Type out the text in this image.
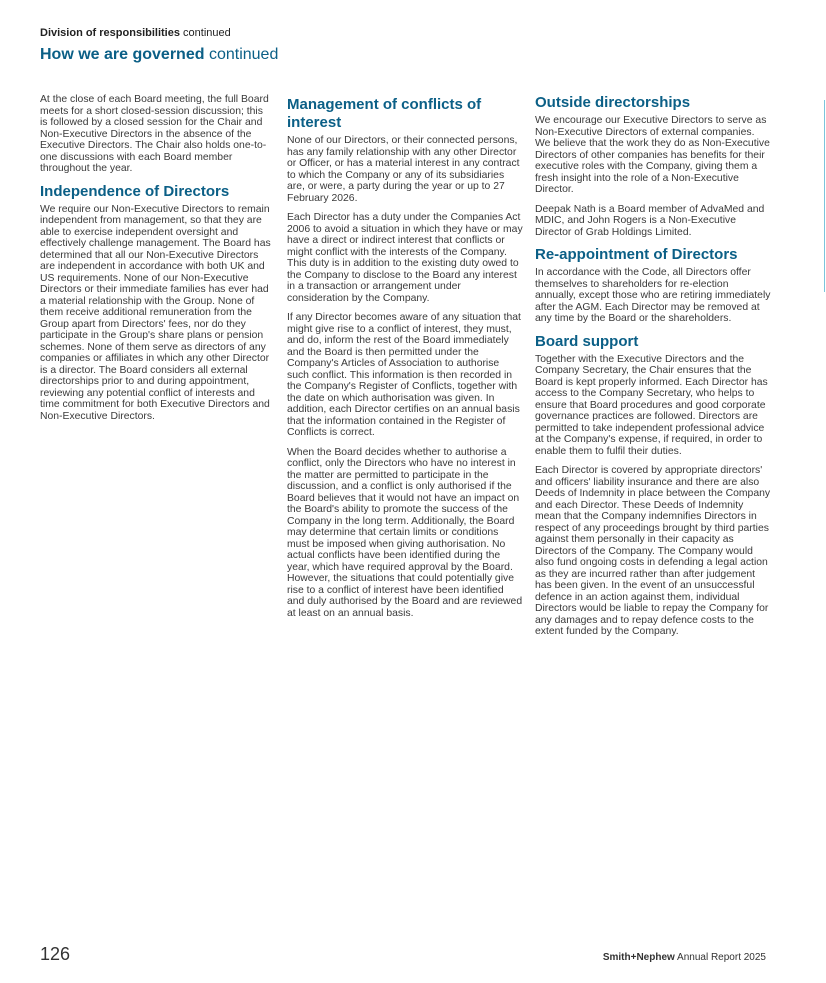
Division of responsibilities continued
How we are governed continued

At the close of each Board meeting, the full Board meets for a short closed-session discussion; this is followed by a closed session for the Chair and Non-Executive Directors in the absence of the Executive Directors. The Chair also holds one-to-one discussions with each Board member throughout the year.

Independence of Directors

We require our Non-Executive Directors to remain independent from management, so that they are able to exercise independent oversight and effectively challenge management. The Board has determined that all our Non-Executive Directors are independent in accordance with both UK and US requirements. None of our Non-Executive Directors or their immediate families has ever had a material relationship with the Group. None of them receive additional remuneration from the Group apart from Directors' fees, nor do they participate in the Group's share plans or pension schemes. None of them serve as directors of any companies or affiliates in which any other Director is a director. The Board considers all external directorships prior to and during appointment, reviewing any potential conflict of interests and time commitment for both Executive Directors and Non-Executive Directors.

Management of conflicts of interest

None of our Directors, or their connected persons, has any family relationship with any other Director or Officer, or has a material interest in any contract to which the Company or any of its subsidiaries are, or were, a party during the year or up to 27 February 2026.

Each Director has a duty under the Companies Act 2006 to avoid a situation in which they have or may have a direct or indirect interest that conflicts or might conflict with the interests of the Company. This duty is in addition to the existing duty owed to the Company to disclose to the Board any interest in a transaction or arrangement under consideration by the Company.

If any Director becomes aware of any situation that might give rise to a conflict of interest, they must, and do, inform the rest of the Board immediately and the Board is then permitted under the Company's Articles of Association to authorise such conflict. This information is then recorded in the Company's Register of Conflicts, together with the date on which authorisation was given. In addition, each Director certifies on an annual basis that the information contained in the Register of Conflicts is correct.

When the Board decides whether to authorise a conflict, only the Directors who have no interest in the matter are permitted to participate in the discussion, and a conflict is only authorised if the Board believes that it would not have an impact on the Board's ability to promote the success of the Company in the long term. Additionally, the Board may determine that certain limits or conditions must be imposed when giving authorisation. No actual conflicts have been identified during the year, which have required approval by the Board. However, the situations that could potentially give rise to a conflict of interest have been identified and duly authorised by the Board and are reviewed at least on an annual basis.

Outside directorships

We encourage our Executive Directors to serve as Non-Executive Directors of external companies. We believe that the work they do as Non-Executive Directors of other companies has benefits for their executive roles with the Company, giving them a fresh insight into the role of a Non-Executive Director.

Deepak Nath is a Board member of AdvaMed and MDIC, and John Rogers is a Non-Executive Director of Grab Holdings Limited.

Re-appointment of Directors

In accordance with the Code, all Directors offer themselves to shareholders for re-election annually, except those who are retiring immediately after the AGM. Each Director may be removed at any time by the Board or the shareholders.

Board support

Together with the Executive Directors and the Company Secretary, the Chair ensures that the Board is kept properly informed. Each Director has access to the Company Secretary, who helps to ensure that Board procedures and good corporate governance practices are followed. Directors are permitted to take independent professional advice at the Company's expense, if required, in order to enable them to fulfil their duties.

Each Director is covered by appropriate directors' and officers' liability insurance and there are also Deeds of Indemnity in place between the Company and each Director. These Deeds of Indemnity mean that the Company indemnifies Directors in respect of any proceedings brought by third parties against them personally in their capacity as Directors of the Company. The Company would also fund ongoing costs in defending a legal action as they are incurred rather than after judgement has been given. In the event of an unsuccessful defence in an action against them, individual Directors would be liable to repay the Company for any damages and to repay defence costs to the extent funded by the Company.

126	Smith+Nephew Annual Report 2025
